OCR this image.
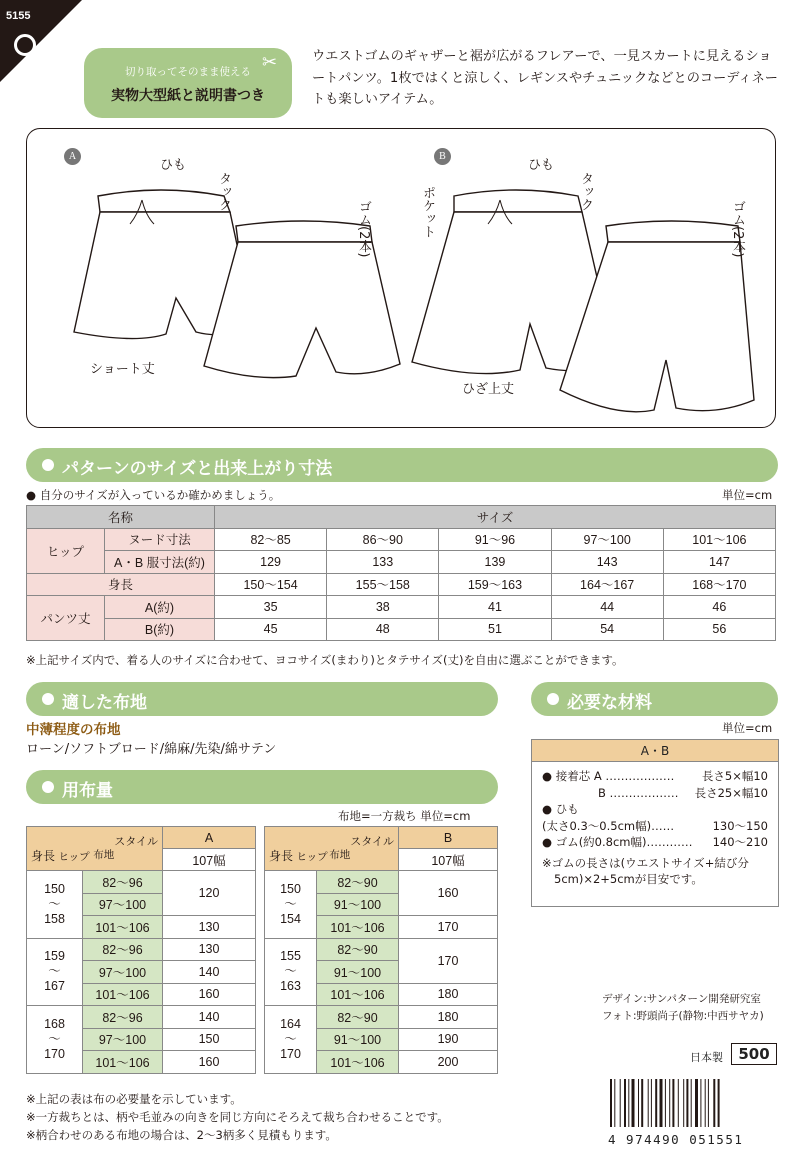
5155
切り取ってそのまま使える
実物大型紙と説明書つき
✂	ウエストゴムのギャザーと裾が広がるフレアーで、一見スカートに見えるショートパンツ。1枚ではくと涼しく、レギンスやチュニックなどとのコーディネートも楽しいアイテム。
A	B
ひも
タック
ゴム(2本)
ショート丈
ひも
タック
ポケット	ゴム(2本)
ひざ上丈
パターンのサイズと出来上がり寸法
● 自分のサイズが入っているか確かめましょう。	単位=cm
名称		サイズ				
ヒップ	ヌード寸法	82〜85	86〜90	91〜96	97〜100	101〜106
	A・B 服寸法(約)	129	133	139	143	147
身長		150〜154	155〜158	159〜163	164〜167	168〜170
パンツ丈	A(約)	35	38	41	44	46
	B(約)	45	48	51	54	56
※上記サイズ内で、着る人のサイズに合わせて、ヨコサイズ(まわり)とタテサイズ(丈)を自由に選ぶことができます。
適した布地
中薄程度の布地
ローン/ソフトブロード/綿麻/先染/綿サテン
必要な材料
単位=cm
A・B
● 接着芯 A ……………… 長さ5×幅10
B ……………… 長さ25×幅10
● ひも
(太さ0.3〜0.5cm幅)……	130〜150
● ゴム(約0.8cm幅)………… 140〜210
※ゴムの長さは(ウエストサイズ+結び分
5cm)×2+5cmが目安です。
用布量
布地=一方裁ち 単位=cm
スタイル

身長 ヒップ 布地		A
		107幅
150
〜
158	82〜96	120
	97〜100	
	101〜106	130
159
〜
167	82〜96	130
	97〜100	140
	101〜106	160
168
〜
170	82〜96	140
	97〜100	150
	101〜106	160
スタイル

身長 ヒップ 布地		B
		107幅
150
〜
154	82〜90	160
	91〜100	
	101〜106	170
155
〜
163	82〜90	170
	91〜100	
	101〜106	180
164
〜
170	82〜90	180
	91〜100	190
	101〜106	200
※上記の表は布の必要量を示しています。
※一方裁ちとは、柄や毛並みの向きを同じ方向にそろえて裁ち合わせることです。
※柄合わせのある布地の場合は、2〜3柄多く見積もります。
デザイン:サンパターン開発研究室
フォト:野頭尚子(静物:中西サヤカ)
日本製	500
4 974490 051551
